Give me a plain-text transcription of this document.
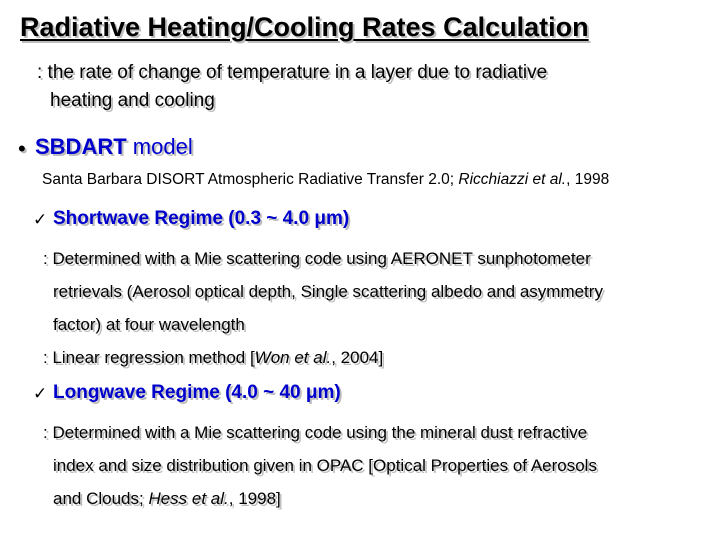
Radiative Heating/Cooling Rates Calculation
: the rate of change of temperature in a layer due to radiative
heating and cooling
• SBDART model
Santa Barbara DISORT Atmospheric Radiative Transfer 2.0; Ricchiazzi et al., 1998
✓ Shortwave Regime (0.3 ~ 4.0 μm)
: Determined with a Mie scattering code using AERONET sunphotometer
retrievals (Aerosol optical depth, Single scattering albedo and asymmetry
factor) at four wavelength
: Linear regression method [Won et al., 2004]
✓ Longwave Regime (4.0 ~ 40 μm)
: Determined with a Mie scattering code using the mineral dust refractive
index and size distribution given in OPAC [Optical Properties of Aerosols
and Clouds; Hess et al., 1998]
